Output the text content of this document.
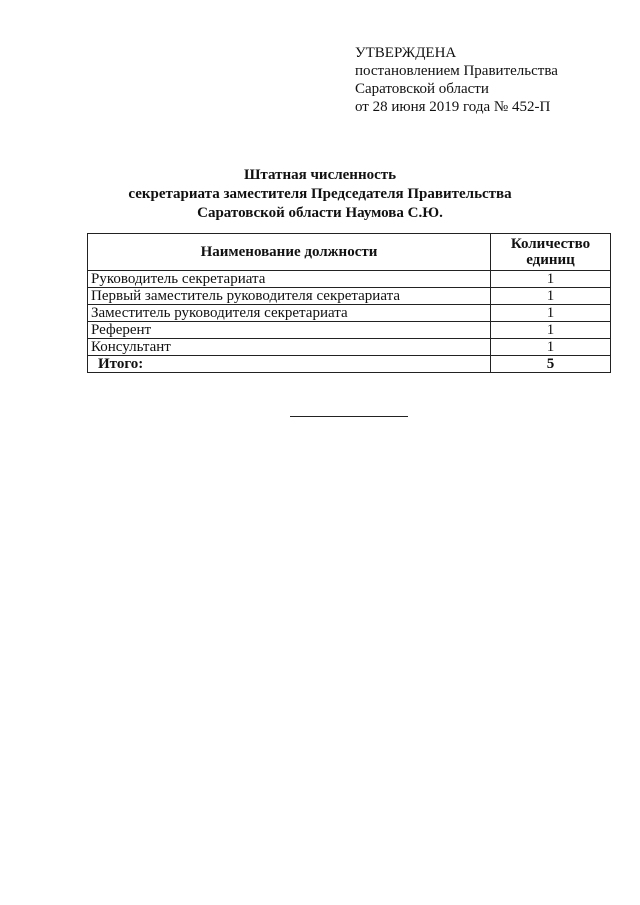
УТВЕРЖДЕНА
постановлением Правительства
Саратовской области
от 28 июня 2019 года № 452-П
Штатная численность
секретариата заместителя Председателя Правительства
Саратовской области Наумова С.Ю.
Наименование должности	Количество
единиц
Руководитель секретариата	1
Первый заместитель руководителя секретариата	1
Заместитель руководителя секретариата	1
Референт	1
Консультант	1
Итого:	5
